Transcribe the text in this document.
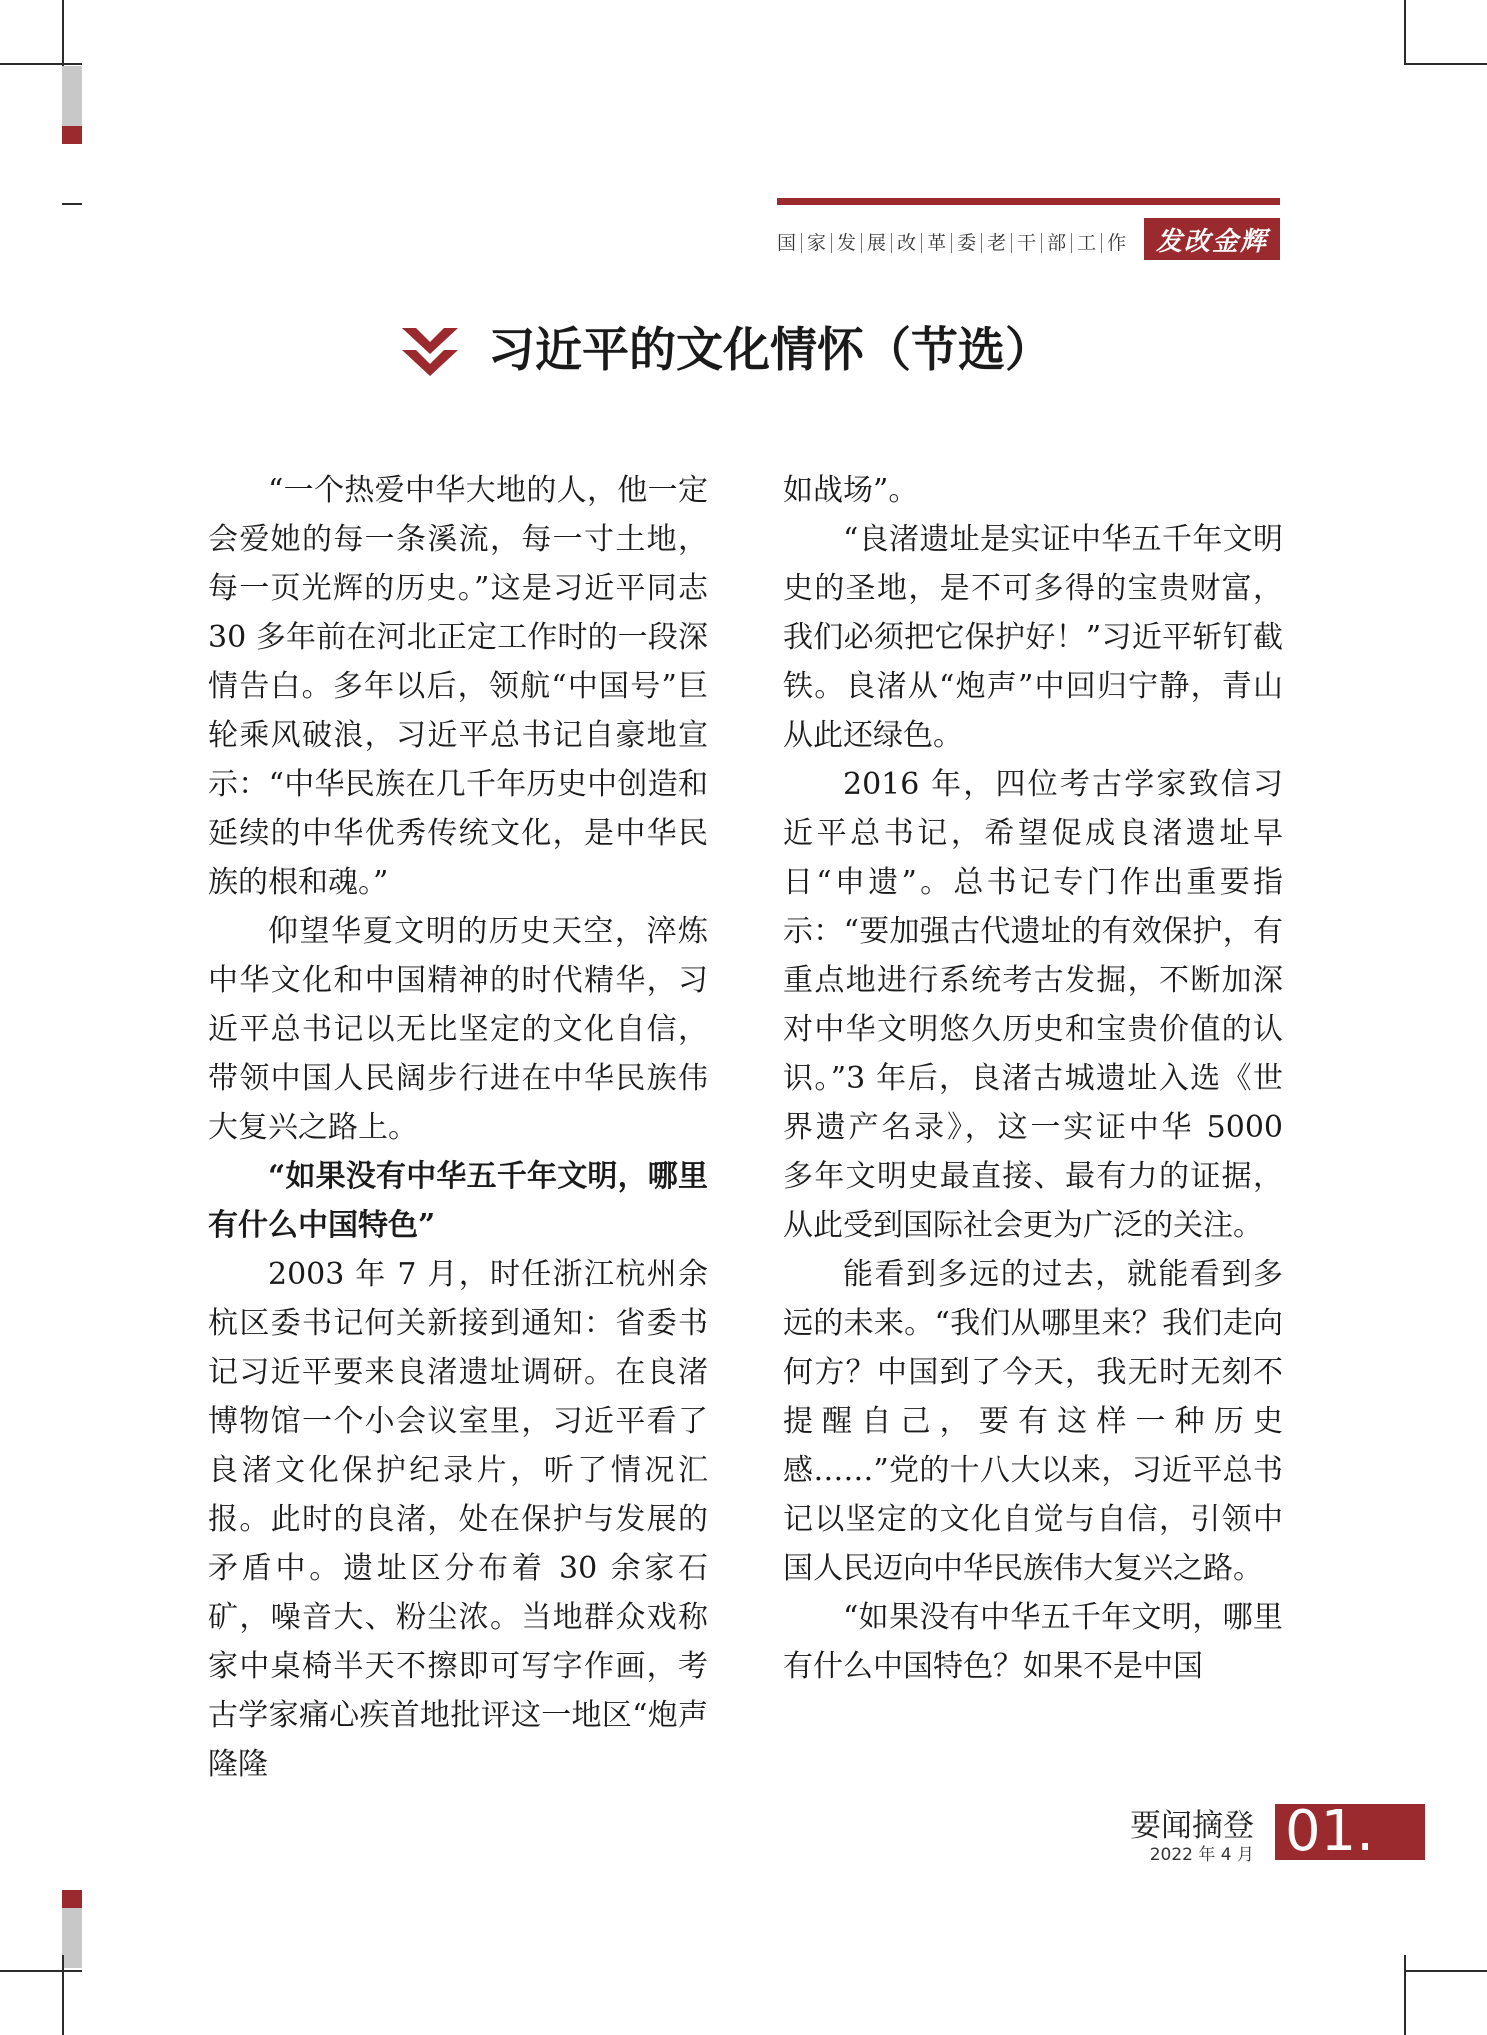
国 家 发 展 改 革 委 老 干 部 工 作	发改金辉
习近平的文化情怀（节选）

“一个热爱中华大地的人，他一定会爱她的每一条溪流，每一寸土地，每一页光辉的历史。”这是习近平同志 30 多年前在河北正定工作时的一段深情告白。多年以后，领航“中国号”巨轮乘风破浪，习近平总书记自豪地宣示：“中华民族在几千年历史中创造和延续的中华优秀传统文化，是中华民族的根和魂。”

仰望华夏文明的历史天空，淬炼中华文化和中国精神的时代精华，习近平总书记以无比坚定的文化自信，带领中国人民阔步行进在中华民族伟大复兴之路上。

“如果没有中华五千年文明，哪里有什么中国特色”

2003 年 7 月，时任浙江杭州余杭区委书记何关新接到通知：省委书记习近平要来良渚遗址调研。在良渚博物馆一个小会议室里，习近平看了良渚文化保护纪录片，听了情况汇报。此时的良渚，处在保护与发展的矛盾中。遗址区分布着 30 余家石矿，噪音大、粉尘浓。当地群众戏称家中桌椅半天不擦即可写字作画，考古学家痛心疾首地批评这一地区“炮声隆隆

如战场”。

“良渚遗址是实证中华五千年文明史的圣地，是不可多得的宝贵财富，我们必须把它保护好！”习近平斩钉截铁。良渚从“炮声”中回归宁静，青山从此还绿色。

2016 年，四位考古学家致信习近平总书记，希望促成良渚遗址早日“申遗”。总书记专门作出重要指示：“要加强古代遗址的有效保护，有重点地进行系统考古发掘，不断加深对中华文明悠久历史和宝贵价值的认识。”3 年后，良渚古城遗址入选《世界遗产名录》，这一实证中华 5000 多年文明史最直接、最有力的证据，从此受到国际社会更为广泛的关注。

能看到多远的过去，就能看到多远的未来。“我们从哪里来？我们走向何方？中国到了今天，我无时无刻不提醒自己，要有这样一种历史感……”党的十八大以来，习近平总书记以坚定的文化自觉与自信，引领中国人民迈向中华民族伟大复兴之路。

“如果没有中华五千年文明，哪里有什么中国特色？如果不是中国

要闻摘登
2022 年 4 月 01.
